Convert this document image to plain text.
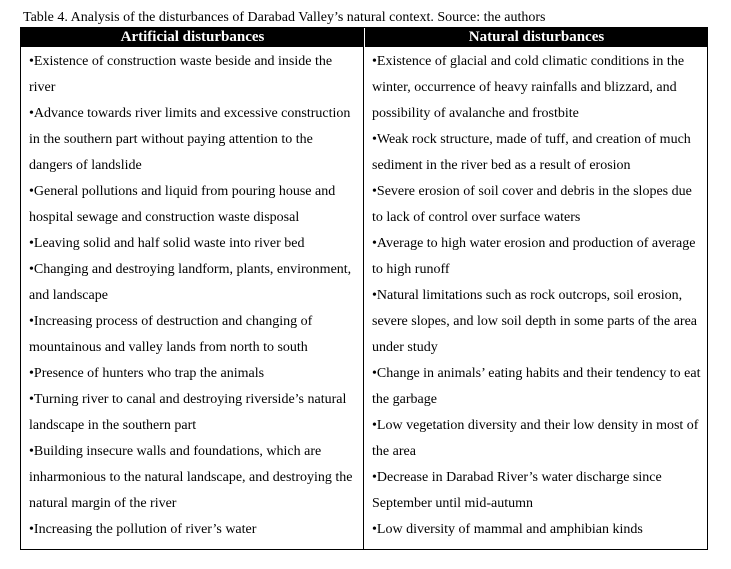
Table 4. Analysis of the disturbances of Darabad Valley’s natural context. Source: the authors
Artificial disturbances	Natural disturbances

•Existence of construction waste beside and inside the river

•Advance towards river limits and excessive construction in the southern part without paying attention to the dangers of landslide

•General pollutions and liquid from pouring house and hospital sewage and construction waste disposal

•Leaving solid and half solid waste into river bed

•Changing and destroying landform, plants, environment, and landscape

•Increasing process of destruction and changing of mountainous and valley lands from north to south

•Presence of hunters who trap the animals

•Turning river to canal and destroying riverside’s natural landscape in the southern part

•Building insecure walls and foundations, which are inharmonious to the natural landscape, and destroying the natural margin of the river

•Increasing the pollution of river’s water

•Existence of glacial and cold climatic conditions in the winter, occurrence of heavy rainfalls and blizzard, and possibility of avalanche and frostbite

•Weak rock structure, made of tuff, and creation of much sediment in the river bed as a result of erosion

•Severe erosion of soil cover and debris in the slopes due to lack of control over surface waters

•Average to high water erosion and production of average to high runoff

•Natural limitations such as rock outcrops, soil erosion, severe slopes, and low soil depth in some parts of the area under study

•Change in animals’ eating habits and their tendency to eat the garbage

•Low vegetation diversity and their low density in most of the area

•Decrease in Darabad River’s water discharge since September until mid-autumn

•Low diversity of mammal and amphibian kinds
